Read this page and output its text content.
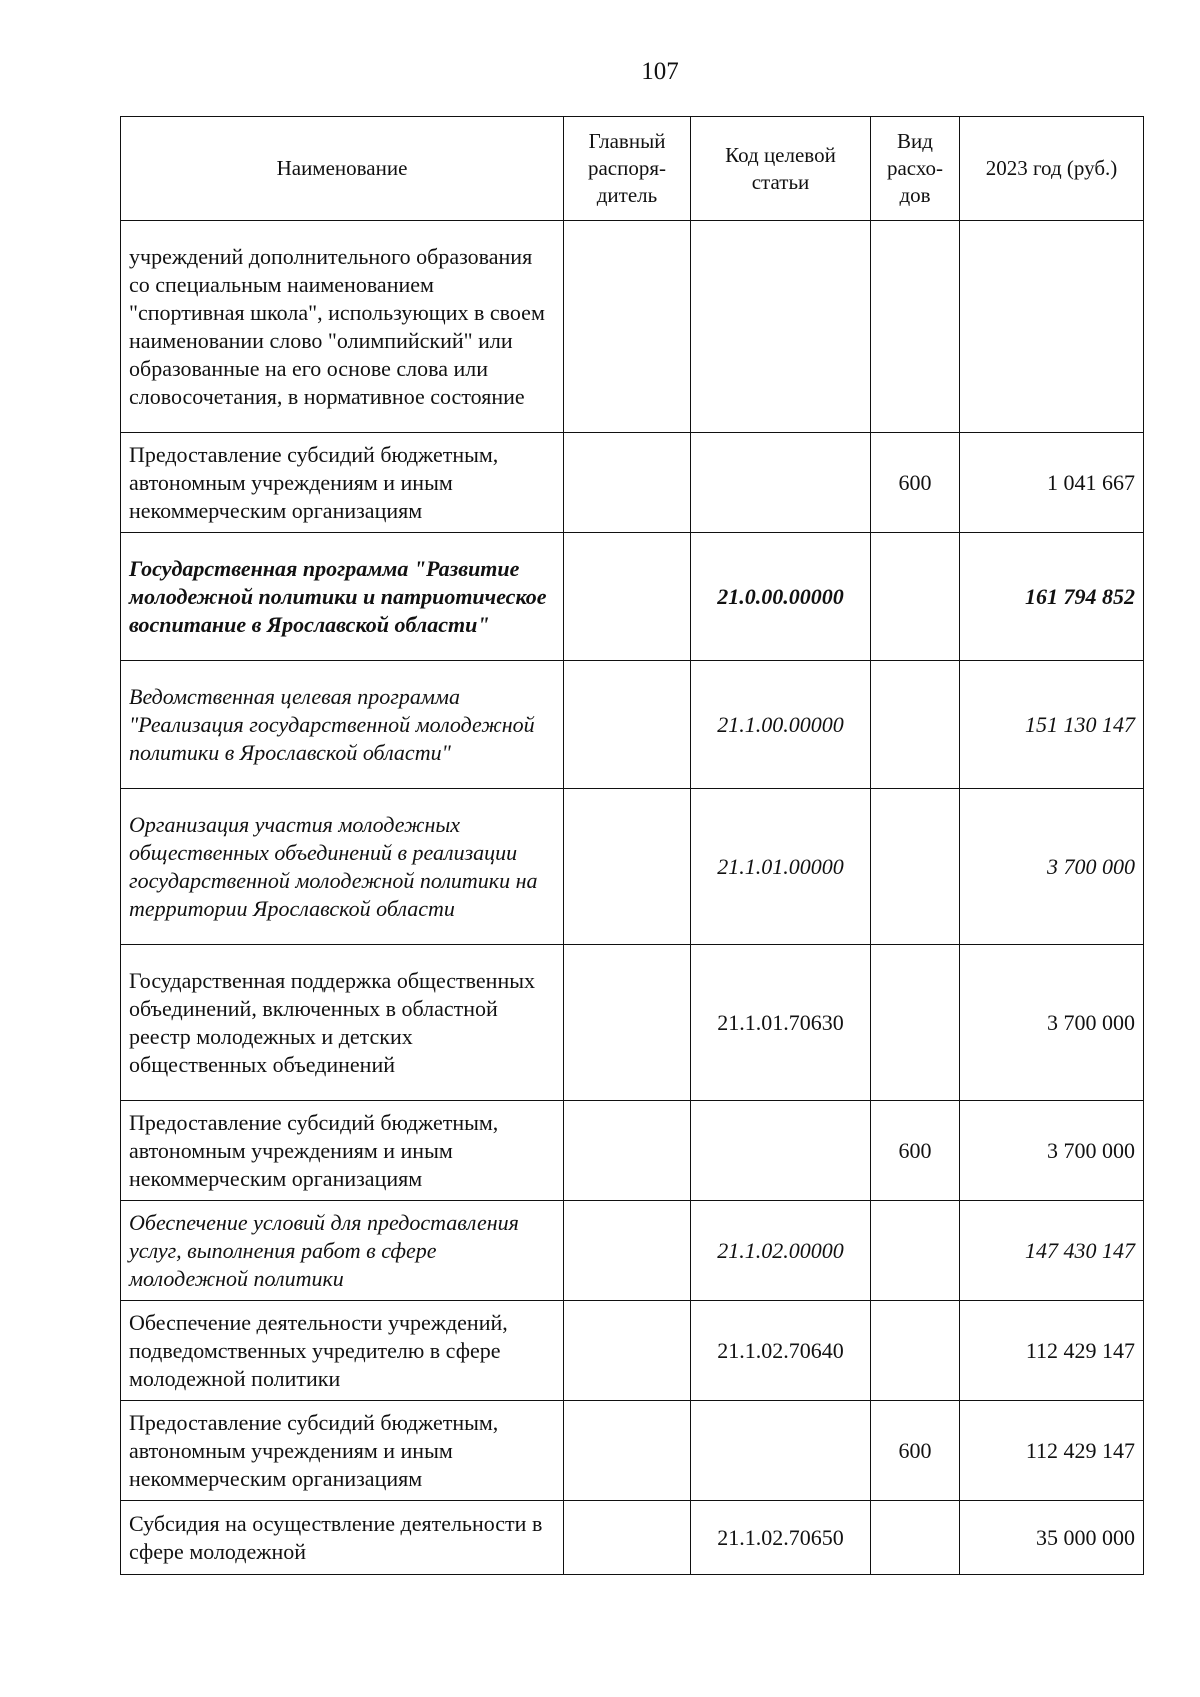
107
Наименование	Главный распоря-дитель	Код целевой статьи	Вид расхо-дов	2023 год (руб.)
учреждений дополнительного образования со специальным наименованием "спортивная школа", использующих в своем наименовании слово "олимпийский" или образованные на его основе слова или словосочетания, в нормативное состояние				
Предоставление субсидий бюджетным, автономным учреждениям и иным некоммерческим организациям			600	1 041 667
Государственная программа "Развитие молодежной политики и патриотическое воспитание в Ярославской области"		21.0.00.00000		161 794 852
Ведомственная целевая программа "Реализация государственной молодежной политики в Ярославской области"		21.1.00.00000		151 130 147
Организация участия молодежных общественных объединений в реализации государственной молодежной политики на территории Ярославской области		21.1.01.00000		3 700 000
Государственная поддержка общественных объединений, включенных в областной реестр молодежных и детских общественных объединений		21.1.01.70630		3 700 000
Предоставление субсидий бюджетным, автономным учреждениям и иным некоммерческим организациям			600	3 700 000
Обеспечение условий для предоставления услуг, выполнения работ в сфере молодежной политики		21.1.02.00000		147 430 147
Обеспечение деятельности учреждений, подведомственных учредителю в сфере молодежной политики		21.1.02.70640		112 429 147
Предоставление субсидий бюджетным, автономным учреждениям и иным некоммерческим организациям			600	112 429 147
Субсидия на осуществление деятельности в сфере молодежной		21.1.02.70650		35 000 000
